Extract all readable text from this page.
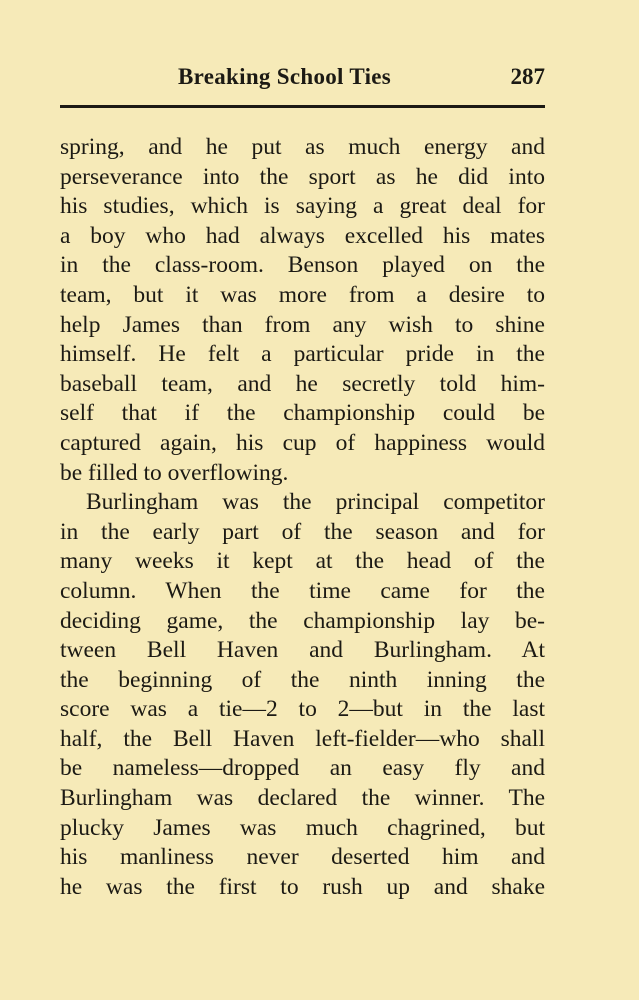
Breaking School Ties	287
spring, and he put as much energy and
perseverance into the sport as he did into
his studies, which is saying a great deal for
a boy who had always excelled his mates
in the class-room. Benson played on the
team, but it was more from a desire to
help James than from any wish to shine
himself. He felt a particular pride in the
baseball team, and he secretly told him-
self that if the championship could be
captured again, his cup of happiness would
be filled to overflowing.
Burlingham was the principal competitor
in the early part of the season and for
many weeks it kept at the head of the
column. When the time came for the
deciding game, the championship lay be-
tween Bell Haven and Burlingham. At
the beginning of the ninth inning the
score was a tie—2 to 2—but in the last
half, the Bell Haven left-fielder—who shall
be nameless—dropped an easy fly and
Burlingham was declared the winner. The
plucky James was much chagrined, but
his manliness never deserted him and
he was the first to rush up and shake
